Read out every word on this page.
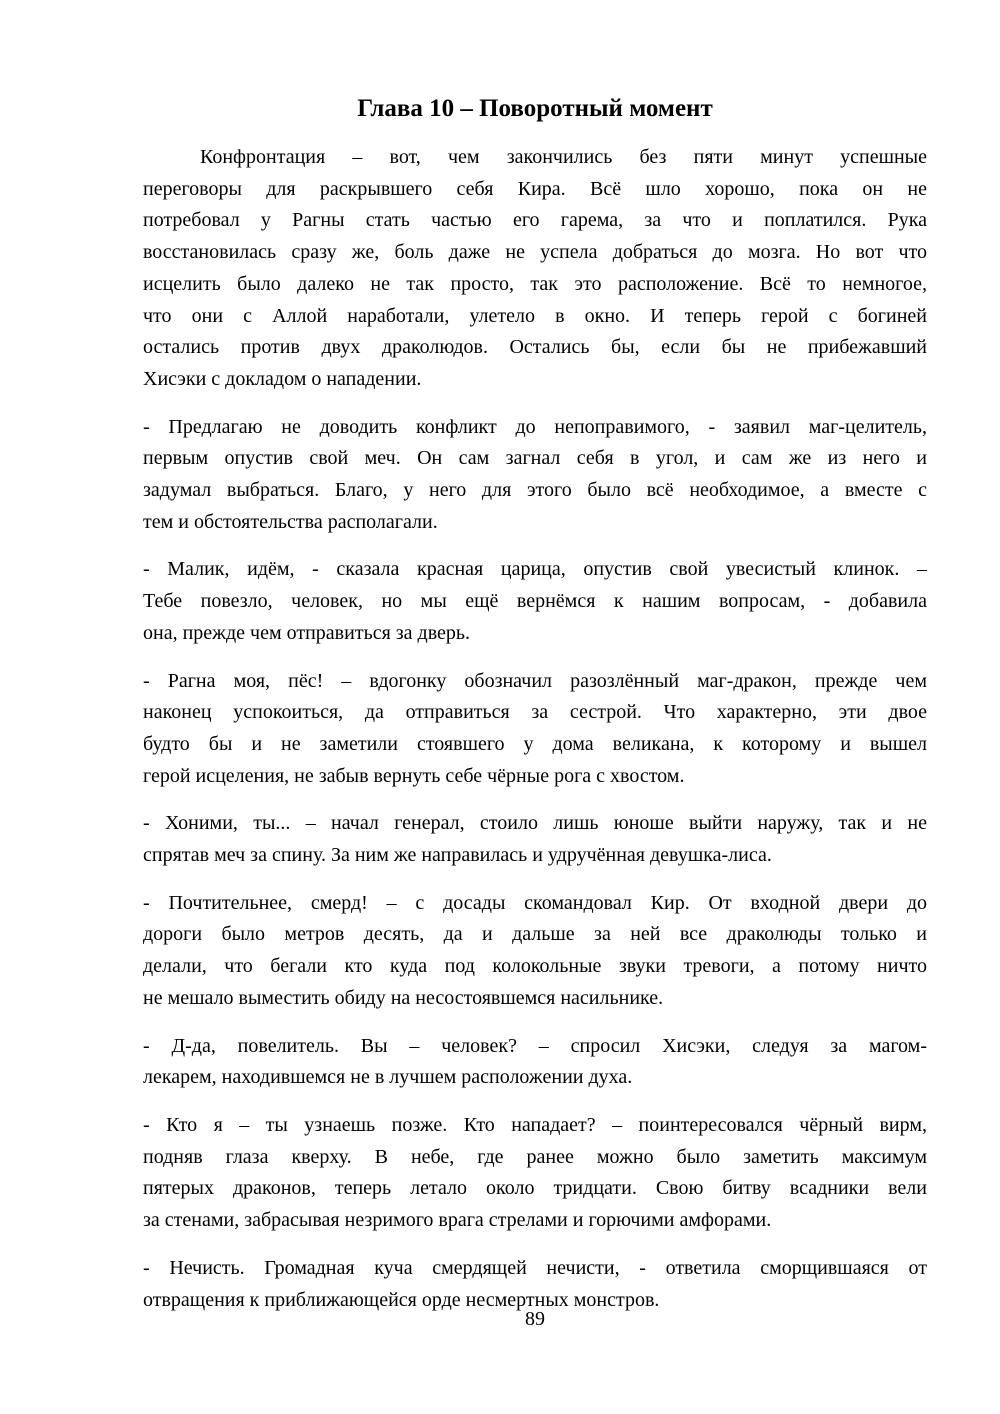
Глава 10 – Поворотный момент

Конфронтация – вот, чем закончились без пяти минут успешные
переговоры для раскрывшего себя Кира. Всё шло хорошо, пока он не
потребовал у Рагны стать частью его гарема, за что и поплатился. Рука
восстановилась сразу же, боль даже не успела добраться до мозга. Но вот что
исцелить было далеко не так просто, так это расположение. Всё то немногое,
что они с Аллой наработали, улетело в окно. И теперь герой с богиней
остались против двух драколюдов. Остались бы, если бы не прибежавший
Хисэки с докладом о нападении.

- Предлагаю не доводить конфликт до непоправимого, - заявил маг-целитель,
первым опустив свой меч. Он сам загнал себя в угол, и сам же из него и
задумал выбраться. Благо, у него для этого было всё необходимое, а вместе с
тем и обстоятельства располагали.

- Малик, идём, - сказала красная царица, опустив свой увесистый клинок. –
Тебе повезло, человек, но мы ещё вернёмся к нашим вопросам, - добавила
она, прежде чем отправиться за дверь.

- Рагна моя, пёс! – вдогонку обозначил разозлённый маг-дракон, прежде чем
наконец успокоиться, да отправиться за сестрой. Что характерно, эти двое
будто бы и не заметили стоявшего у дома великана, к которому и вышел
герой исцеления, не забыв вернуть себе чёрные рога с хвостом.

- Хоними, ты... – начал генерал, стоило лишь юноше выйти наружу, так и не
спрятав меч за спину. За ним же направилась и удручённая девушка-лиса.

- Почтительнее, смерд! – с досады скомандовал Кир. От входной двери до
дороги было метров десять, да и дальше за ней все драколюды только и
делали, что бегали кто куда под колокольные звуки тревоги, а потому ничто
не мешало выместить обиду на несостоявшемся насильнике.

- Д-да, повелитель. Вы – человек? – спросил Хисэки, следуя за магом-
лекарем, находившемся не в лучшем расположении духа.

- Кто я – ты узнаешь позже. Кто нападает? – поинтересовался чёрный вирм,
подняв глаза кверху. В небе, где ранее можно было заметить максимум
пятерых драконов, теперь летало около тридцати. Свою битву всадники вели
за стенами, забрасывая незримого врага стрелами и горючими амфорами.

- Нечисть. Громадная куча смердящей нечисти, - ответила сморщившаяся от
отвращения к приближающейся орде несмертных монстров.

89
